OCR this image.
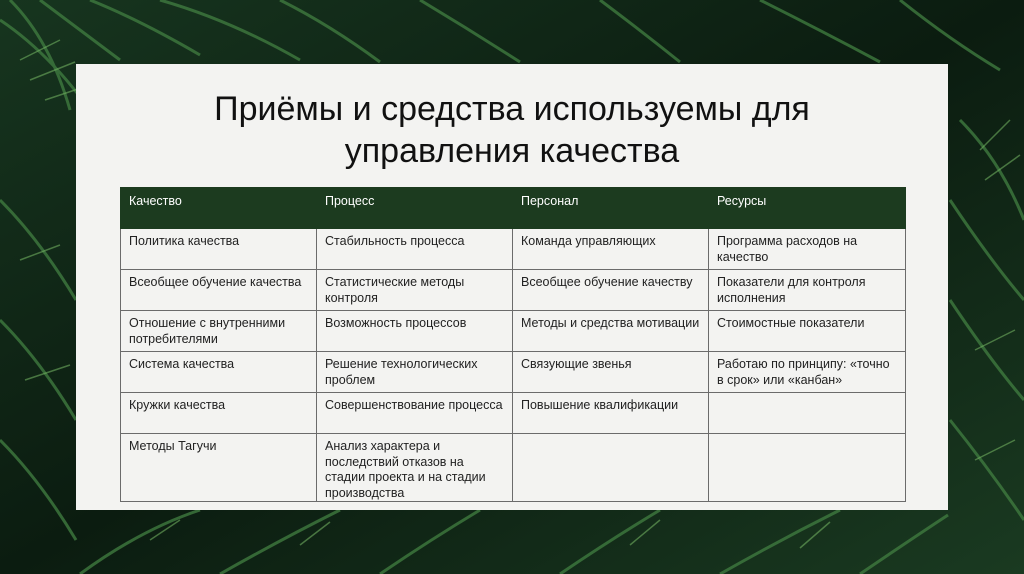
Приёмы и средства используемы для
управления качества
Качество	Процесс	Персонал	Ресурсы
Политика качества	Стабильность процесса	Команда управляющих	Программа расходов на качество
Всеобщее обучение качества	Статистические методы контроля	Всеобщее обучение качеству	Показатели для контроля исполнения
Отношение с внутренними потребителями	Возможность процессов	Методы и средства мотивации	Стоимостные показатели
Система качества	Решение технологических проблем	Связующие звенья	Работаю по принципу: «точно в срок» или «канбан»
Кружки качества	Совершенствование процесса	Повышение квалификации	
Методы Тагучи	Анализ характера и последствий отказов на стадии проекта и на стадии производства		
